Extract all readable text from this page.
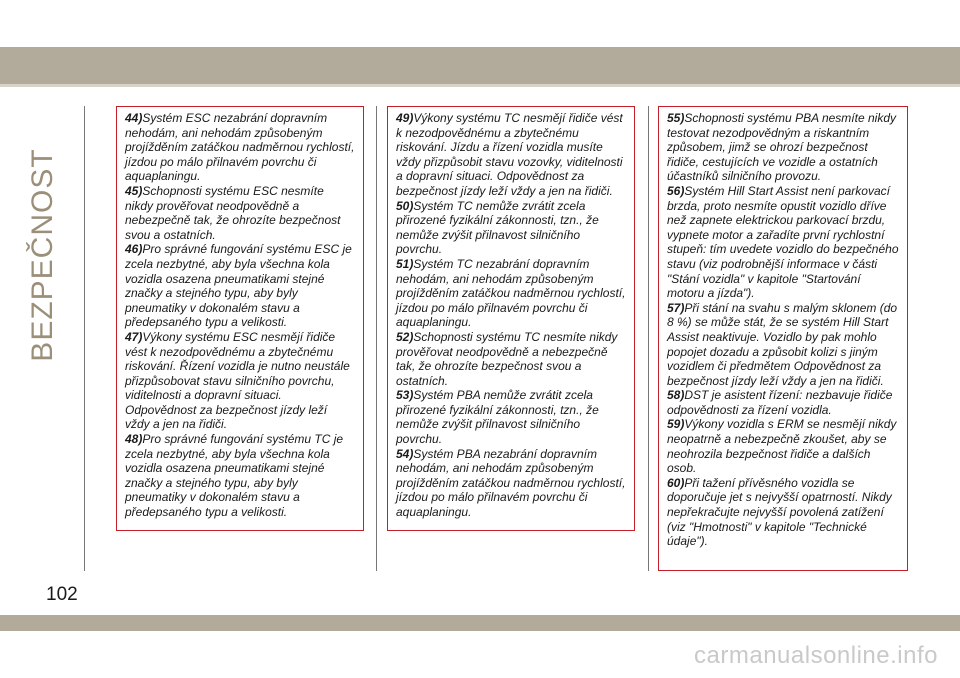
BEZPEČNOST

44)Systém ESC nezabrání dopravním nehodám, ani nehodám způsobeným projížděním zatáčkou nadměrnou rychlostí, jízdou po málo přilnavém povrchu či aquaplaningu.

45)Schopnosti systému ESC nesmíte nikdy prověřovat neodpovědně a nebezpečně tak, že ohrozíte bezpečnost svou a ostatních.

46)Pro správné fungování systému ESC je zcela nezbytné, aby byla všechna kola vozidla osazena pneumatikami stejné značky a stejného typu, aby byly pneumatiky v dokonalém stavu a předepsaného typu a velikosti.

47)Výkony systému ESC nesmějí řidiče vést k nezodpovědnému a zbytečnému riskování. Řízení vozidla je nutno neustále přizpůsobovat stavu silničního povrchu, viditelnosti a dopravní situaci. Odpovědnost za bezpečnost jízdy leží vždy a jen na řidiči.

48)Pro správné fungování systému TC je zcela nezbytné, aby byla všechna kola vozidla osazena pneumatikami stejné značky a stejného typu, aby byly pneumatiky v dokonalém stavu a předepsaného typu a velikosti.

49)Výkony systému TC nesmějí řidiče vést k nezodpovědnému a zbytečnému riskování. Jízdu a řízení vozidla musíte vždy přizpůsobit stavu vozovky, viditelnosti a dopravní situaci. Odpovědnost za bezpečnost jízdy leží vždy a jen na řidiči.

50)Systém TC nemůže zvrátit zcela přirozené fyzikální zákonnosti, tzn., že nemůže zvýšit přilnavost silničního povrchu.

51)Systém TC nezabrání dopravním nehodám, ani nehodám způsobeným projížděním zatáčkou nadměrnou rychlostí, jízdou po málo přilnavém povrchu či aquaplaningu.

52)Schopnosti systému TC nesmíte nikdy prověřovat neodpovědně a nebezpečně tak, že ohrozíte bezpečnost svou a ostatních.

53)Systém PBA nemůže zvrátit zcela přirozené fyzikální zákonnosti, tzn., že nemůže zvýšit přilnavost silničního povrchu.

54)Systém PBA nezabrání dopravním nehodám, ani nehodám způsobeným projížděním zatáčkou nadměrnou rychlostí, jízdou po málo přilnavém povrchu či aquaplaningu.

55)Schopnosti systému PBA nesmíte nikdy testovat nezodpovědným a riskantním způsobem, jimž se ohrozí bezpečnost řidiče, cestujících ve vozidle a ostatních účastníků silničního provozu.

56)Systém Hill Start Assist není parkovací brzda, proto nesmíte opustit vozidlo dříve než zapnete elektrickou parkovací brzdu, vypnete motor a zařadíte první rychlostní stupeň: tím uvedete vozidlo do bezpečného stavu (viz podrobnější informace v části "Stání vozidla" v kapitole "Startování motoru a jízda").

57)Při stání na svahu s malým sklonem (do 8 %) se může stát, že se systém Hill Start Assist neaktivuje. Vozidlo by pak mohlo popojet dozadu a způsobit kolizi s jiným vozidlem či předmětem Odpovědnost za bezpečnost jízdy leží vždy a jen na řidiči.

58)DST je asistent řízení: nezbavuje řidiče odpovědnosti za řízení vozidla.

59)Výkony vozidla s ERM se nesmějí nikdy neopatrně a nebezpečně zkoušet, aby se neohrozila bezpečnost řidiče a dalších osob.

60)Při tažení přívěsného vozidla se doporučuje jet s nejvyšší opatrností. Nikdy nepřekračujte nejvyšší povolená zatížení (viz "Hmotnosti" v kapitole "Technické údaje").

102
carmanualsonline.info
